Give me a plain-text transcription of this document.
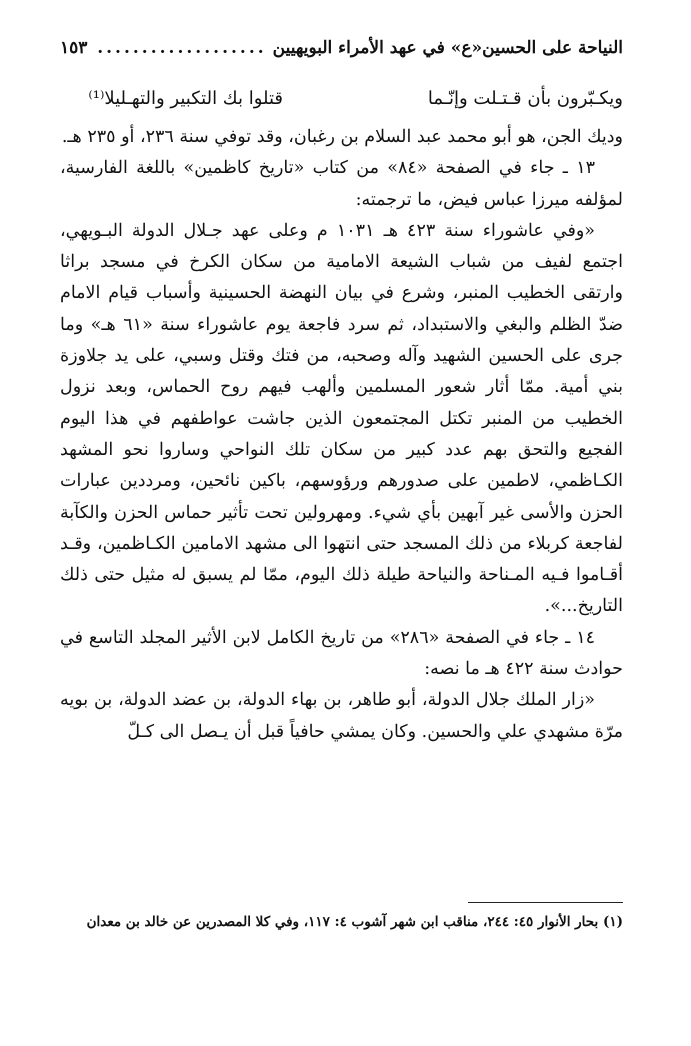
النياحة على الحسين«ع» في عهد الأمراء البويهيين
.....
١٥٣
ويكـبّرون بأن قـتـلت وإنّـما
قتلوا بك التكبير والتهـليلا⁽¹⁾

وديك الجن، هو أبو محمد عبد السلام بن رغبان، وقد توفي سنة ٢٣٦، أو ٢٣٥ هـ.

١٣ ـ جاء في الصفحة «٨٤» من كتاب «تاريخ كاظمين» باللغة الفارسية، لمؤلفه ميرزا عباس فيض، ما ترجمته:

«وفي عاشوراء سنة ٤٢٣ هـ ١٠٣١ م وعلى عهد جـلال الدولة البـويهي، اجتمع لفيف من شباب الشيعة الامامية من سكان الكرخ في مسجد براثا وارتقى الخطيب المنبر، وشرع في بيان النهضة الحسينية وأسباب قيام الامام ضدّ الظلم والبغي والاستبداد، ثم سرد فاجعة يوم عاشوراء سنة «٦١ هـ» وما جرى على الحسين الشهيد وآله وصحبه، من فتك وقتل وسبي، على يد جلاوزة بني أمية. ممّا أثار شعور المسلمين وألهب فيهم روح الحماس، وبعد نزول الخطيب من المنبر تكتل المجتمعون الذين جاشت عواطفهم في هذا اليوم الفجيع والتحق بهم عدد كبير من سكان تلك النواحي وساروا نحو المشهد الكـاظمي، لاطمين على صدورهم ورؤوسهم، باكين نائحين، ومرددين عبارات الحزن والأسى غير آبهين بأي شيء. ومهرولين تحت تأثير حماس الحزن والكآبة لفاجعة كربلاء من ذلك المسجد حتى انتهوا الى مشهد الامامين الكـاظمين، وقـد أقـاموا فـيه المـناحة والنياحة طيلة ذلك اليوم، ممّا لم يسبق له مثيل حتى ذلك التاريخ...».

١٤ ـ جاء في الصفحة «٢٨٦» من تاريخ الكامل لابن الأثير المجلد التاسع في حوادث سنة ٤٢٢ هـ ما نصه:

«زار الملك جلال الدولة، أبو طاهر، بن بهاء الدولة، بن عضد الدولة، بن بويه مرّة مشهدي علي والحسين. وكان يمشي حافياً قبل أن يـصل الى كـلّ

(١) بحار الأنوار ٤٥: ٢٤٤، مناقب ابن شهر آشوب ٤: ١١٧، وفي كلا المصدرين عن خالد بن معدان
